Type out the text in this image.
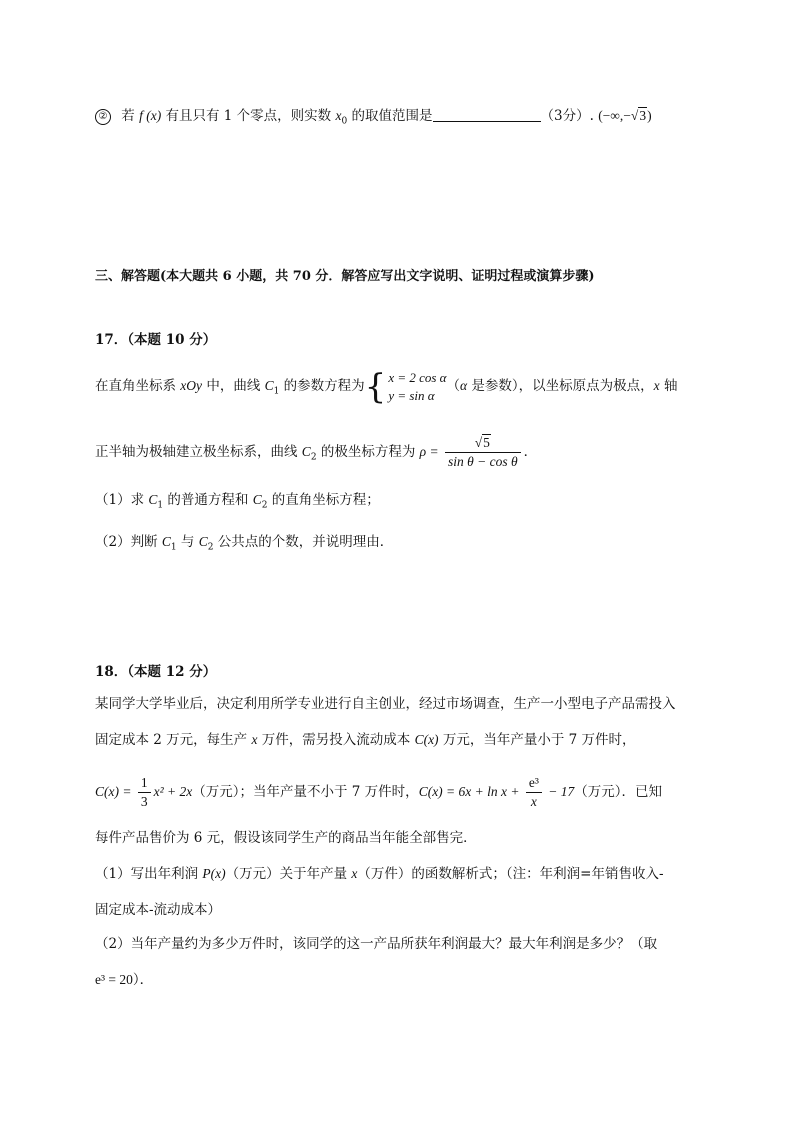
② 若 f (x) 有且只有 1 个零点，则实数 $x_0$ 的取值范围是	（3分）. (−∞,−√3)
三、解答题(本大题共 6 小题，共 70 分．解答应写出文字说明、证明过程或演算步骤)
17．（本题 10 分）
在直角坐标系 xOy 中，曲线 $C_1$ 的参数方程为{ x = 2 cos α
y = sin α
（α 是参数），以坐标原点为极点，x 轴
正半轴为极轴建立极坐标系，曲线 $C_2$ 的极坐标方程为 $\rho = \frac{√5}{\text{sin θ − cos θ}}$ ．
（1）求 $C_1$ 的普通方程和 $C_2$ 的直角坐标方程；
（2）判断 $C_1$ 与 $C_2$ 公共点的个数，并说明理由．
18．（本题 12 分）
某同学大学毕业后，决定利用所学专业进行自主创业，经过市场调查，生产一小型电子产品需投入
固定成本 2 万元，每生产 x 万件，需另投入流动成本 C(x) 万元，当年产量小于 7 万件时，
$C(x) = \frac{1}{3} x^2 + 2x$（万元）；当年产量不小于 7 万件时，$C(x) = 6x + \ln x + \frac{\text{e³}}{x} - 17$（万元）．已知
每件产品售价为 6 元，假设该同学生产的商品当年能全部售完．
（1）写出年利润 P(x)（万元）关于年产量 x（万件）的函数解析式；（注：年利润=年销售收入-
固定成本-流动成本）
（2）当年产量约为多少万件时，该同学的这一产品所获年利润最大？最大年利润是多少？（取
e³ = 20）．
